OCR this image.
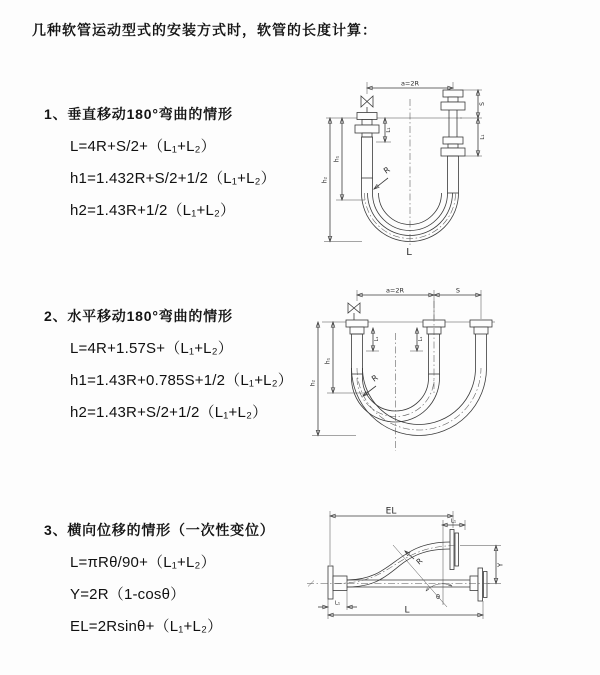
几种软管运动型式的安装方式时，软管的长度计算：
1、垂直移动180°弯曲的情形
L=4R+S/2+（L₁+L₂）
h1=1.432R+S/2+1/2（L₁+L₂）
h2=1.43R+1/2（L₁+L₂）
2、水平移动180°弯曲的情形
L=4R+1.57S+（L₁+L₂）
h1=1.43R+0.785S+1/2（L₁+L₂）
h2=1.43R+S/2+1/2（L₁+L₂）
3、横向位移的情形（一次性变位）
L=πRθ/90+（L₁+L₂）
Y=2R（1-cosθ）
EL=2Rsinθ+（L₁+L₂）
a=2R
R
h₁
h₂
L₁
S
L₁
L
a=2R	S
R
h₁
h₂
L₁	L₁
EL
L₁
θ
R	Y
L₁
L
